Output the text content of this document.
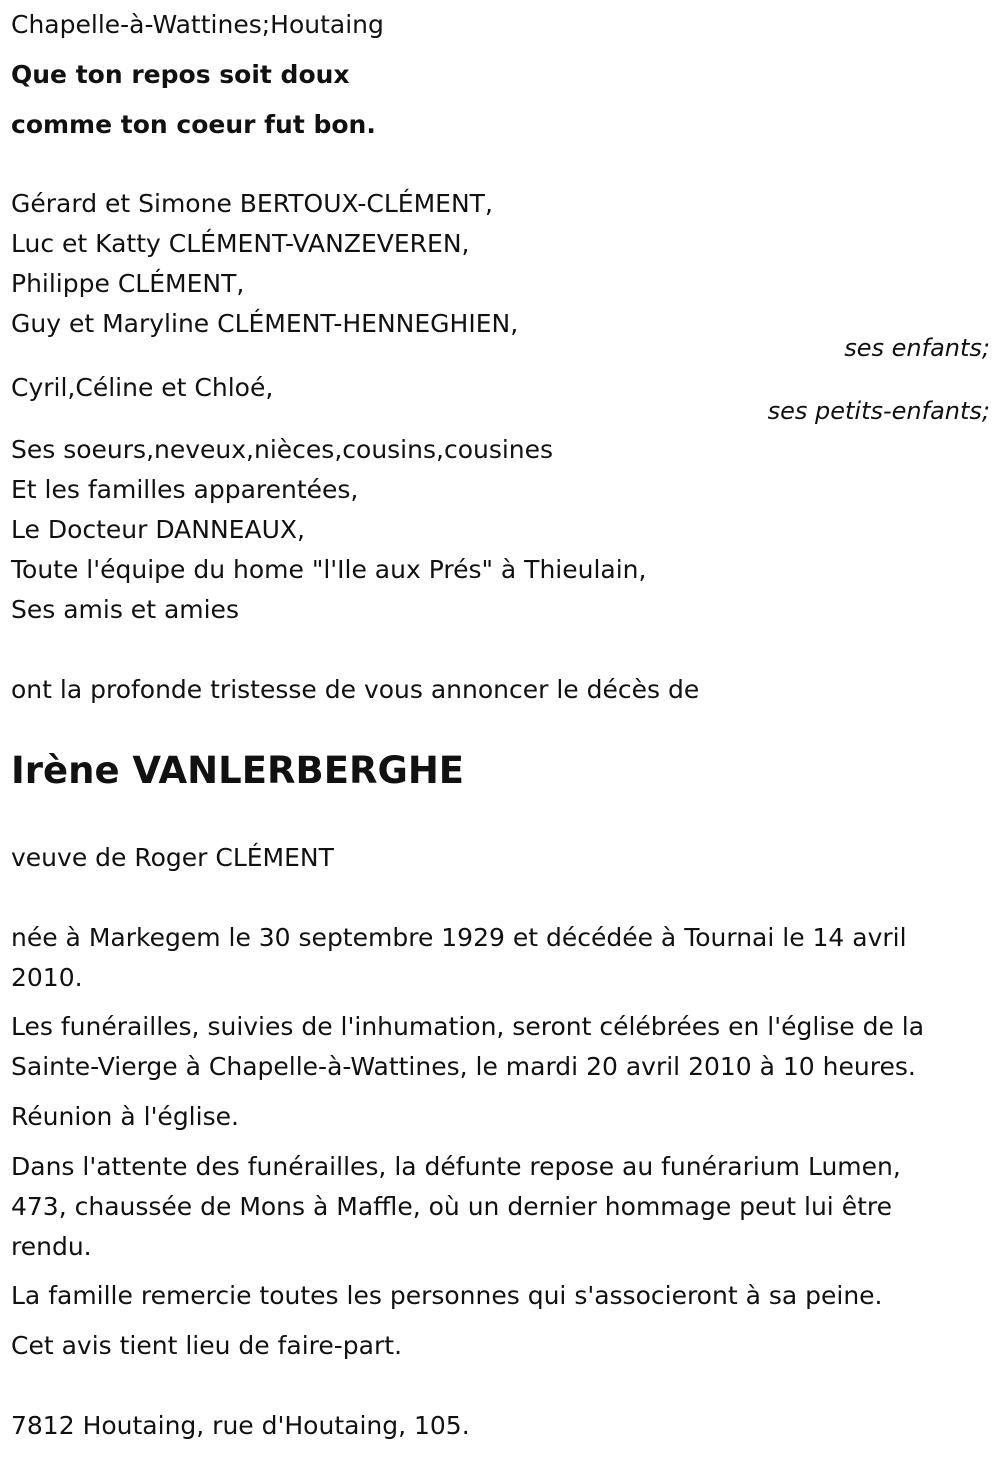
Chapelle-à-Wattines;Houtaing
Que ton repos soit doux
comme ton coeur fut bon.
Gérard et Simone BERTOUX-CLÉMENT,
Luc et Katty CLÉMENT-VANZEVEREN,
Philippe CLÉMENT,
Guy et Maryline CLÉMENT-HENNEGHIEN,
ses enfants;
Cyril,Céline et Chloé,
ses petits-enfants;
Ses soeurs,neveux,nièces,cousins,cousines
Et les familles apparentées,
Le Docteur DANNEAUX,
Toute l'équipe du home "l'Ile aux Prés" à Thieulain,
Ses amis et amies
ont la profonde tristesse de vous annoncer le décès de
Irène VANLERBERGHE
veuve de Roger CLÉMENT
née à Markegem le 30 septembre 1929 et décédée à Tournai le 14 avril
2010.
Les funérailles, suivies de l'inhumation, seront célébrées en l'église de la
Sainte-Vierge à Chapelle-à-Wattines, le mardi 20 avril 2010 à 10 heures.
Réunion à l'église.
Dans l'attente des funérailles, la défunte repose au funérarium Lumen,
473, chaussée de Mons à Maffle, où un dernier hommage peut lui être
rendu.
La famille remercie toutes les personnes qui s'associeront à sa peine.
Cet avis tient lieu de faire-part.
7812 Houtaing, rue d'Houtaing, 105.
